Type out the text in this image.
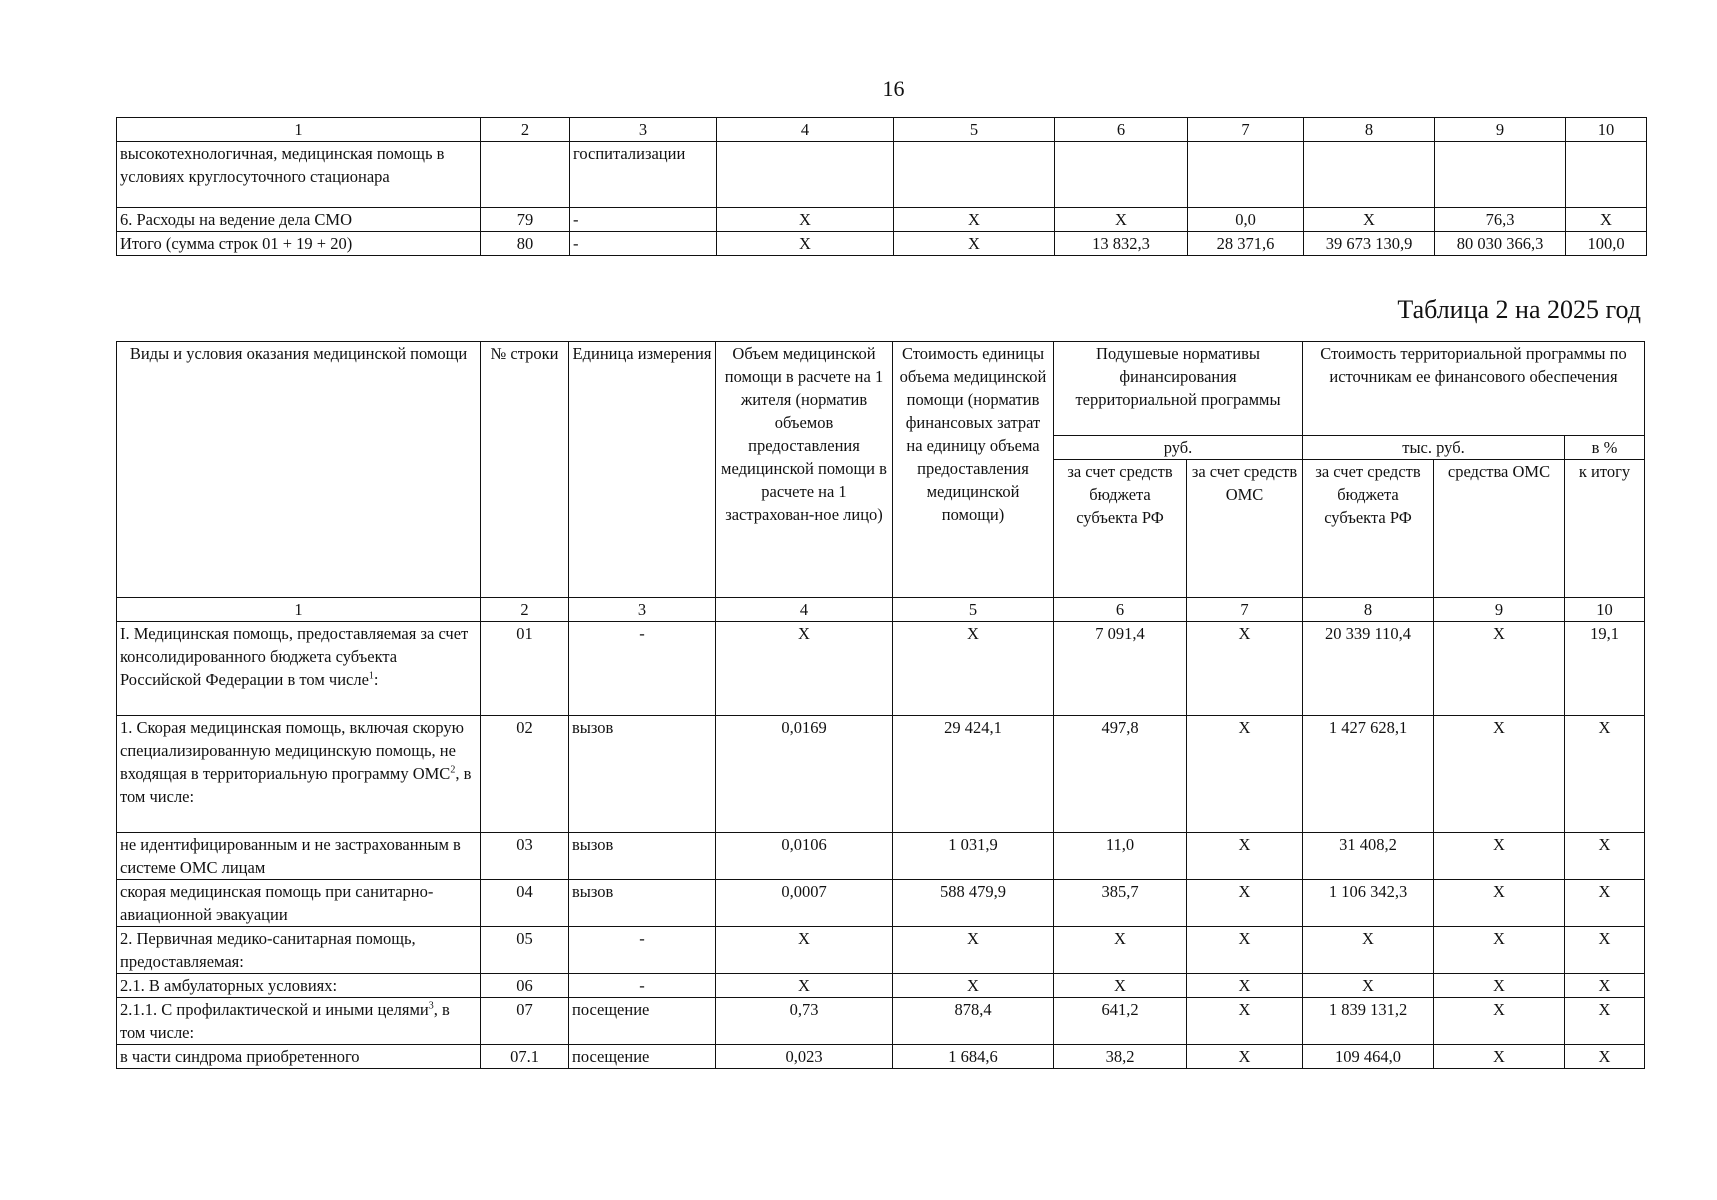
16
1	2	3	4	5	6	7	8	9	10
высокотехнологичная, медицинская помощь в условиях круглосуточного стационара		госпитализации							
6. Расходы на ведение дела СМО	79	-	X	X	X	0,0	X	76,3	X
Итого (сумма строк 01 + 19 + 20)	80	-	X	X	13 832,3	28 371,6	39 673 130,9	80 030 366,3	100,0
Таблица 2 на 2025 год
Виды и условия оказания медицинской помощи	№ строки	Единица измерения	Объем медицинской помощи в расчете на 1 жителя (норматив объемов предоставления медицинской помощи в расчете на 1 застрахован-ное лицо)	Стоимость единицы объема медицинской помощи (норматив финансовых затрат на единицу объема предоставления медицинской помощи)	Подушевые нормативы финансирования территориальной программы		Стоимость территориальной программы по источникам ее финансового обеспечения		
					руб.		тыс. руб.		в %
					за счет средств бюджета субъекта РФ	за счет средств ОМС	за счет средств бюджета субъекта РФ	средства ОМС	к итогу
1	2	3	4	5	6	7	8	9	10
I. Медицинская помощь, предоставляемая за счет консолидированного бюджета субъекта Российской Федерации в том числе$^1$:	01	-	X	X	7 091,4	X	20 339 110,4	X	19,1
1. Скорая медицинская помощь, включая скорую специализированную медицинскую помощь, не входящая в территориальную программу ОМС$^2$, в том числе:	02	вызов	0,0169	29 424,1	497,8	X	1 427 628,1	X	X
не идентифицированным и не застрахованным в системе ОМС лицам	03	вызов	0,0106	1 031,9	11,0	X	31 408,2	X	X
скорая медицинская помощь при санитарно-авиационной эвакуации	04	вызов	0,0007	588 479,9	385,7	X	1 106 342,3	X	X
2. Первичная медико-санитарная помощь, предоставляемая:	05	-	X	X	X	X	X	X	X
2.1. В амбулаторных условиях:	06	-	X	X	X	X	X	X	X
2.1.1. С профилактической и иными целями$^3$, в том числе:	07	посещение	0,73	878,4	641,2	X	1 839 131,2	X	X
в части синдрома приобретенного	07.1	посещение	0,023	1 684,6	38,2	X	109 464,0	X	X
